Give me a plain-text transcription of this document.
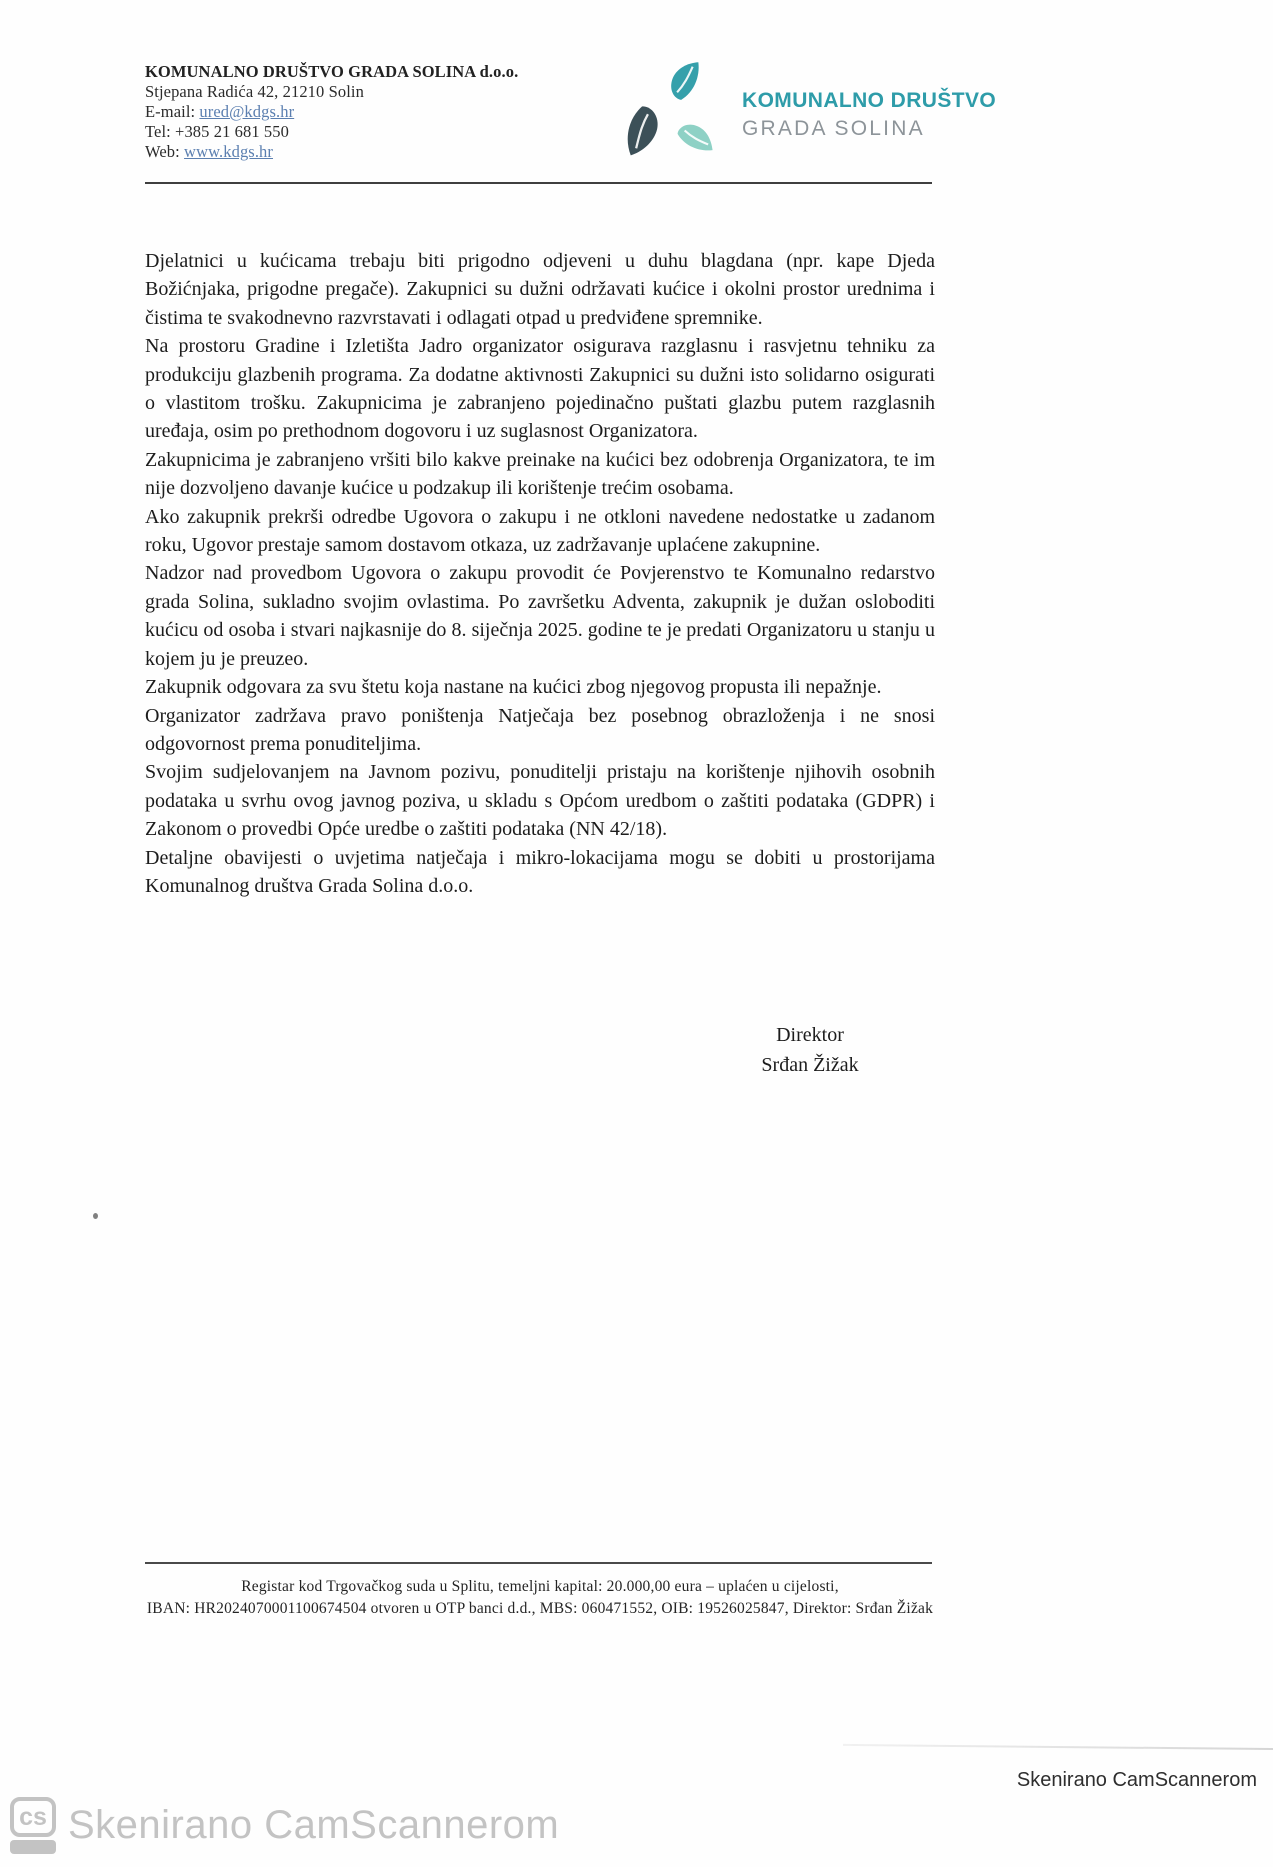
KOMUNALNO DRUŠTVO GRADA SOLINA d.o.o.
Stjepana Radića 42, 21210 Solin
E-mail: ured@kdgs.hr
Tel: +385 21 681 550
Web: www.kdgs.hr
KOMUNALNO DRUŠTVO
GRADA SOLINA

Djelatnici u kućicama trebaju biti prigodno odjeveni u duhu blagdana (npr. kape Djeda Božićnjaka, prigodne pregače). Zakupnici su dužni održavati kućice i okolni prostor urednima i čistima te svakodnevno razvrstavati i odlagati otpad u predviđene spremnike.

Na prostoru Gradine i Izletišta Jadro organizator osigurava razglasnu i rasvjetnu tehniku za produkciju glazbenih programa. Za dodatne aktivnosti Zakupnici su dužni isto solidarno osigurati o vlastitom trošku. Zakupnicima je zabranjeno pojedinačno puštati glazbu putem razglasnih uređaja, osim po prethodnom dogovoru i uz suglasnost Organizatora.

Zakupnicima je zabranjeno vršiti bilo kakve preinake na kućici bez odobrenja Organizatora, te im nije dozvoljeno davanje kućice u podzakup ili korištenje trećim osobama.

Ako zakupnik prekrši odredbe Ugovora o zakupu i ne otkloni navedene nedostatke u zadanom roku, Ugovor prestaje samom dostavom otkaza, uz zadržavanje uplaćene zakupnine.

Nadzor nad provedbom Ugovora o zakupu provodit će Povjerenstvo te Komunalno redarstvo grada Solina, sukladno svojim ovlastima. Po završetku Adventa, zakupnik je dužan osloboditi kućicu od osoba i stvari najkasnije do 8. siječnja 2025. godine te je predati Organizatoru u stanju u kojem ju je preuzeo.

Zakupnik odgovara za svu štetu koja nastane na kućici zbog njegovog propusta ili nepažnje.

Organizator zadržava pravo poništenja Natječaja bez posebnog obrazloženja i ne snosi odgovornost prema ponuditeljima.

Svojim sudjelovanjem na Javnom pozivu, ponuditelji pristaju na korištenje njihovih osobnih podataka u svrhu ovog javnog poziva, u skladu s Općom uredbom o zaštiti podataka (GDPR) i Zakonom o provedbi Opće uredbe o zaštiti podataka (NN 42/18).

Detaljne obavijesti o uvjetima natječaja i mikro-lokacijama mogu se dobiti u prostorijama Komunalnog društva Grada Solina d.o.o.

Direktor
Srđan Žižak
Registar kod Trgovačkog suda u Splitu, temeljni kapital: 20.000,00 eura – uplaćen u cijelosti,
IBAN: HR2024070001100674504 otvoren u OTP banci d.d., MBS: 060471552, OIB: 19526025847, Direktor: Srđan Žižak
Skenirano CamScannerom
cs Skenirano CamScannerom
